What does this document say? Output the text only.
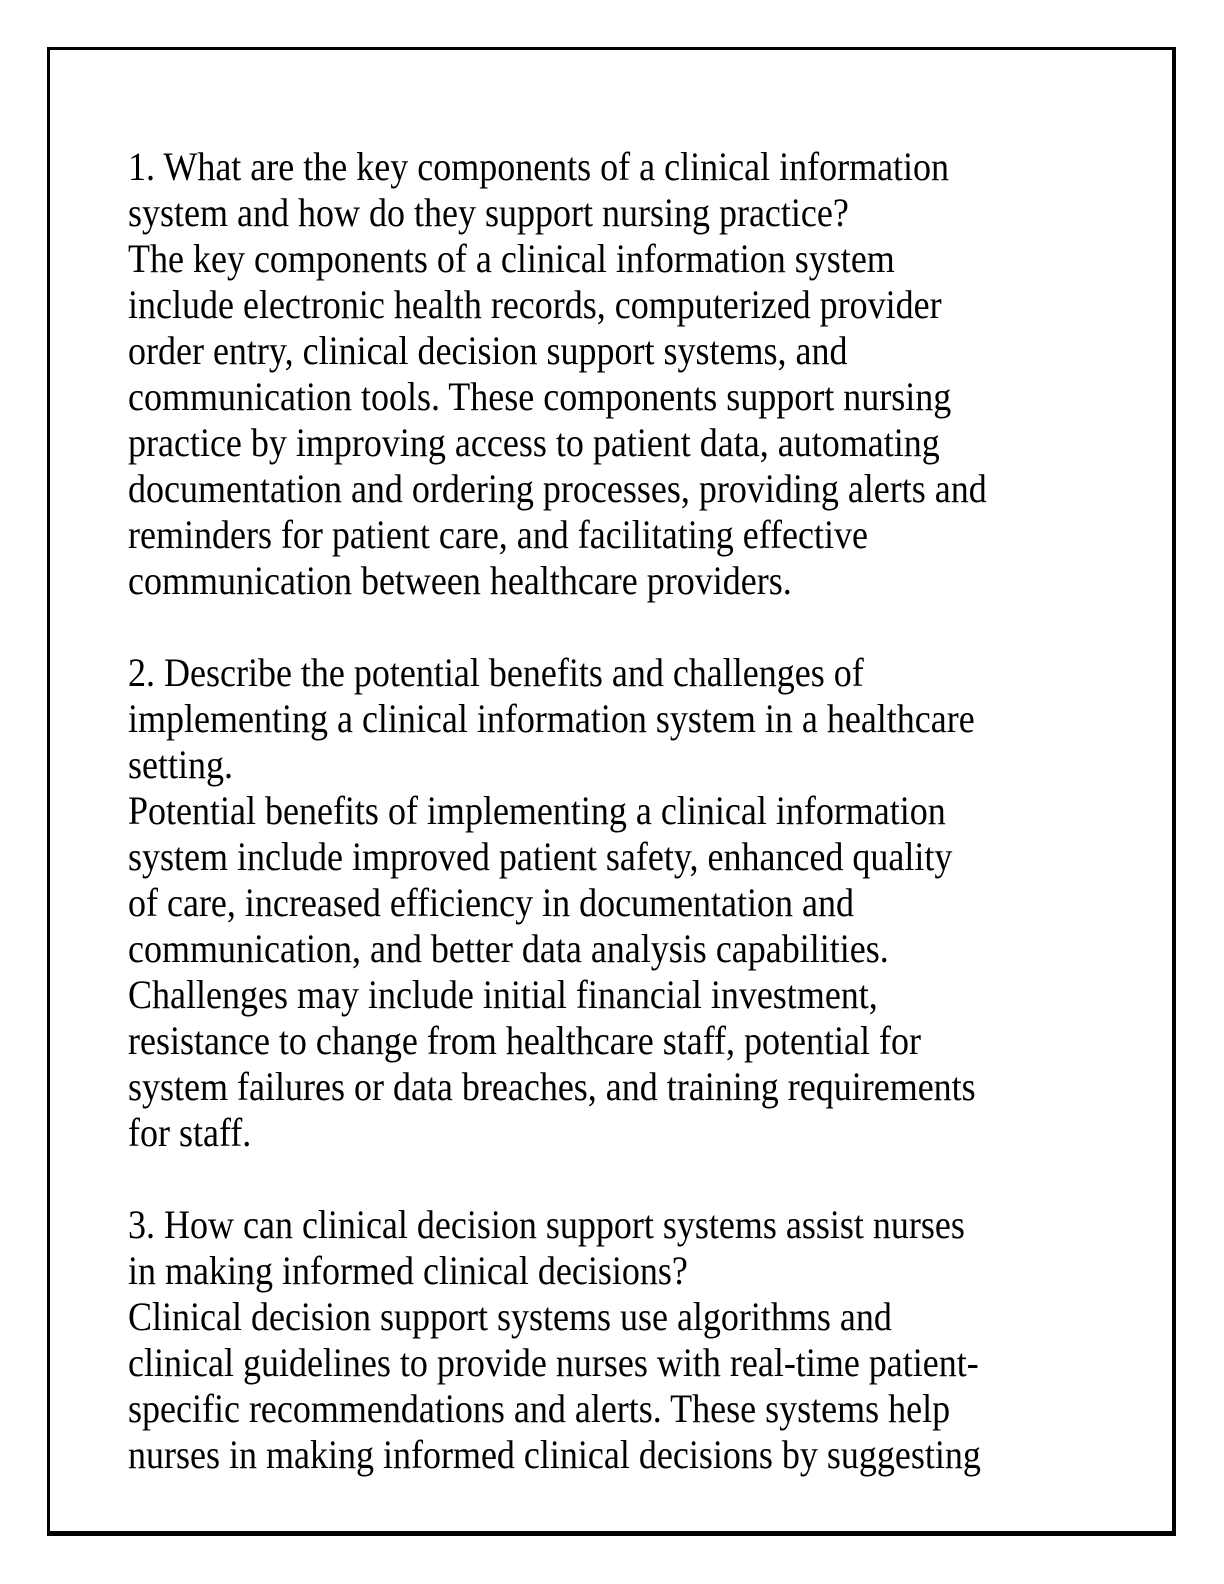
1. What are the key components of a clinical information
system and how do they support nursing practice?
The key components of a clinical information system
include electronic health records, computerized provider
order entry, clinical decision support systems, and
communication tools. These components support nursing
practice by improving access to patient data, automating
documentation and ordering processes, providing alerts and
reminders for patient care, and facilitating effective
communication between healthcare providers.
2. Describe the potential benefits and challenges of
implementing a clinical information system in a healthcare
setting.
Potential benefits of implementing a clinical information
system include improved patient safety, enhanced quality
of care, increased efficiency in documentation and
communication, and better data analysis capabilities.
Challenges may include initial financial investment,
resistance to change from healthcare staff, potential for
system failures or data breaches, and training requirements
for staff.
3. How can clinical decision support systems assist nurses
in making informed clinical decisions?
Clinical decision support systems use algorithms and
clinical guidelines to provide nurses with real-time patient-
specific recommendations and alerts. These systems help
nurses in making informed clinical decisions by suggesting
